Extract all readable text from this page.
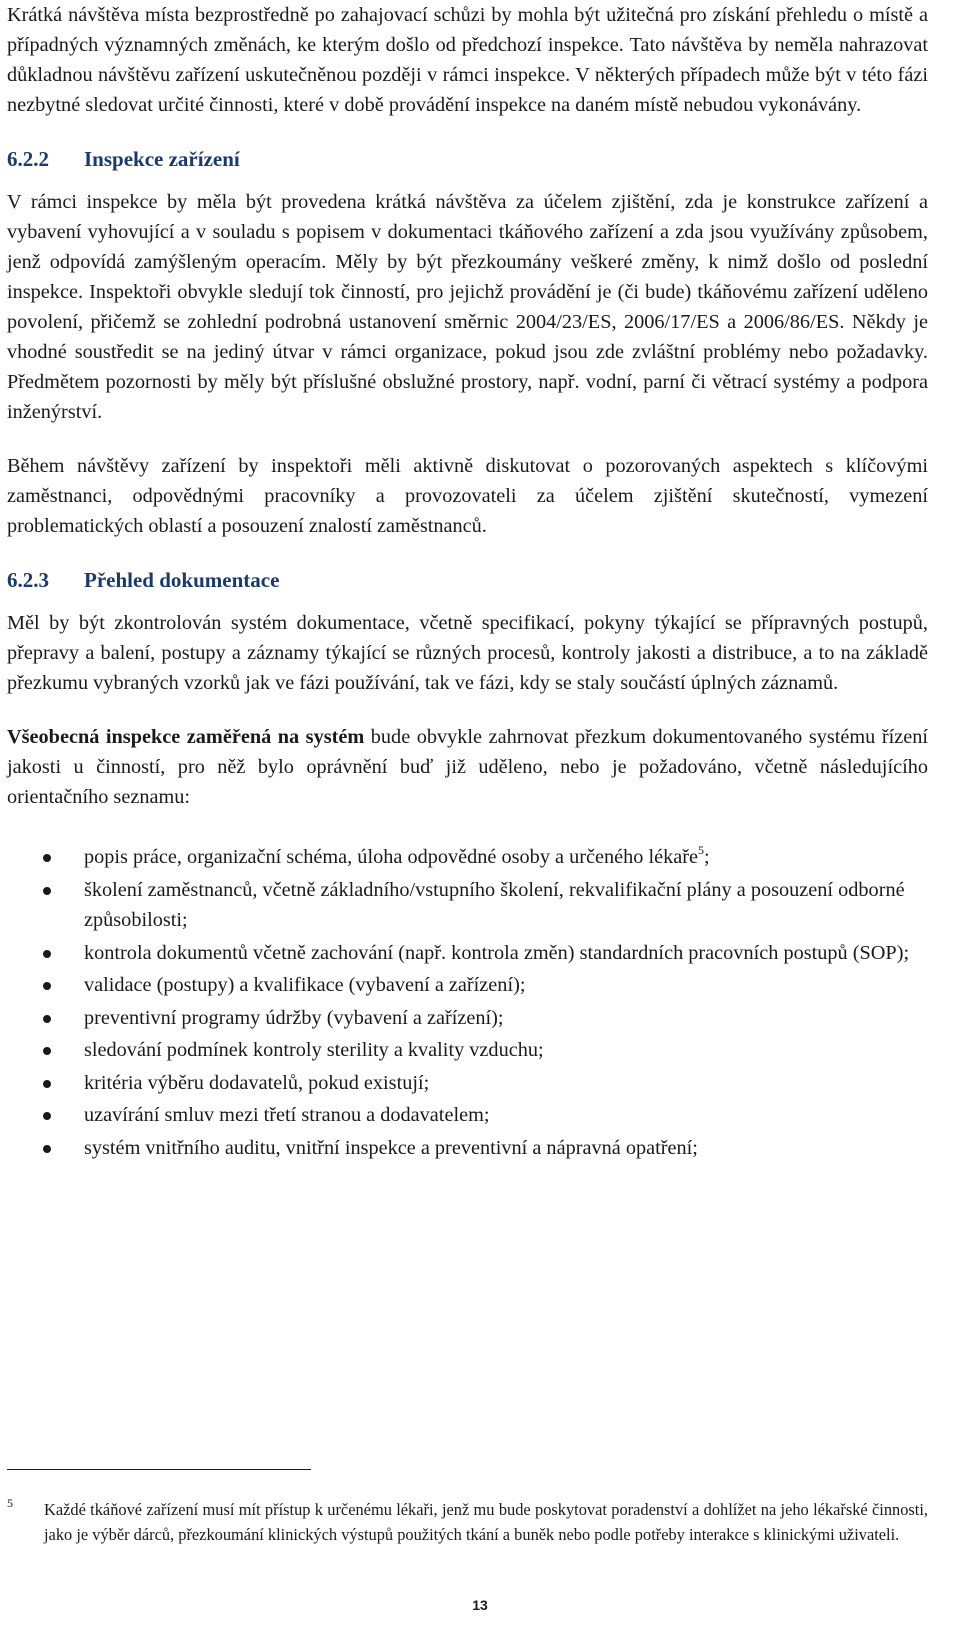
Krátká návštěva místa bezprostředně po zahajovací schůzi by mohla být užitečná pro získání přehledu o místě a případných významných změnách, ke kterým došlo od předchozí inspekce. Tato návštěva by neměla nahrazovat důkladnou návštěvu zařízení uskutečněnou později v rámci inspekce. V některých případech může být v této fázi nezbytné sledovat určité činnosti, které v době provádění inspekce na daném místě nebudou vykonávány.

6.2.2 Inspekce zařízení

V rámci inspekce by měla být provedena krátká návštěva za účelem zjištění, zda je konstrukce zařízení a vybavení vyhovující a v souladu s popisem v dokumentaci tkáňového zařízení a zda jsou využívány způsobem, jenž odpovídá zamýšleným operacím. Měly by být přezkoumány veškeré změny, k nimž došlo od poslední inspekce. Inspektoři obvykle sledují tok činností, pro jejichž provádění je (či bude) tkáňovému zařízení uděleno povolení, přičemž se zohlední podrobná ustanovení směrnic 2004/23/ES, 2006/17/ES a 2006/86/ES. Někdy je vhodné soustředit se na jediný útvar v rámci organizace, pokud jsou zde zvláštní problémy nebo požadavky. Předmětem pozornosti by měly být příslušné obslužné prostory, např. vodní, parní či větrací systémy a podpora inženýrství.

Během návštěvy zařízení by inspektoři měli aktivně diskutovat o pozorovaných aspektech s klíčovými zaměstnanci, odpovědnými pracovníky a provozovateli za účelem zjištění skutečností, vymezení problematických oblastí a posouzení znalostí zaměstnanců.

6.2.3 Přehled dokumentace

Měl by být zkontrolován systém dokumentace, včetně specifikací, pokyny týkající se přípravných postupů, přepravy a balení, postupy a záznamy týkající se různých procesů, kontroly jakosti a distribuce, a to na základě přezkumu vybraných vzorků jak ve fázi používání, tak ve fázi, kdy se staly součástí úplných záznamů.

Všeobecná inspekce zaměřená na systém bude obvykle zahrnovat přezkum dokumentovaného systému řízení jakosti u činností, pro něž bylo oprávnění buď již uděleno, nebo je požadováno, včetně následujícího orientačního seznamu:

popis práce, organizační schéma, úloha odpovědné osoby a určeného lékaře$^5$;
školení zaměstnanců, včetně základního/vstupního školení, rekvalifikační plány a posouzení odborné způsobilosti;
kontrola dokumentů včetně zachování (např. kontrola změn) standardních pracovních postupů (SOP);
validace (postupy) a kvalifikace (vybavení a zařízení);
preventivní programy údržby (vybavení a zařízení);
sledování podmínek kontroly sterility a kvality vzduchu;
kritéria výběru dodavatelů, pokud existují;
uzavírání smluv mezi třetí stranou a dodavatelem;
systém vnitřního auditu, vnitřní inspekce a preventivní a nápravná opatření;
5 Každé tkáňové zařízení musí mít přístup k určenému lékaři, jenž mu bude poskytovat poradenství a dohlížet na jeho lékařské činnosti, jako je výběr dárců, přezkoumání klinických výstupů použitých tkání a buněk nebo podle potřeby interakce s klinickými uživateli.

13
